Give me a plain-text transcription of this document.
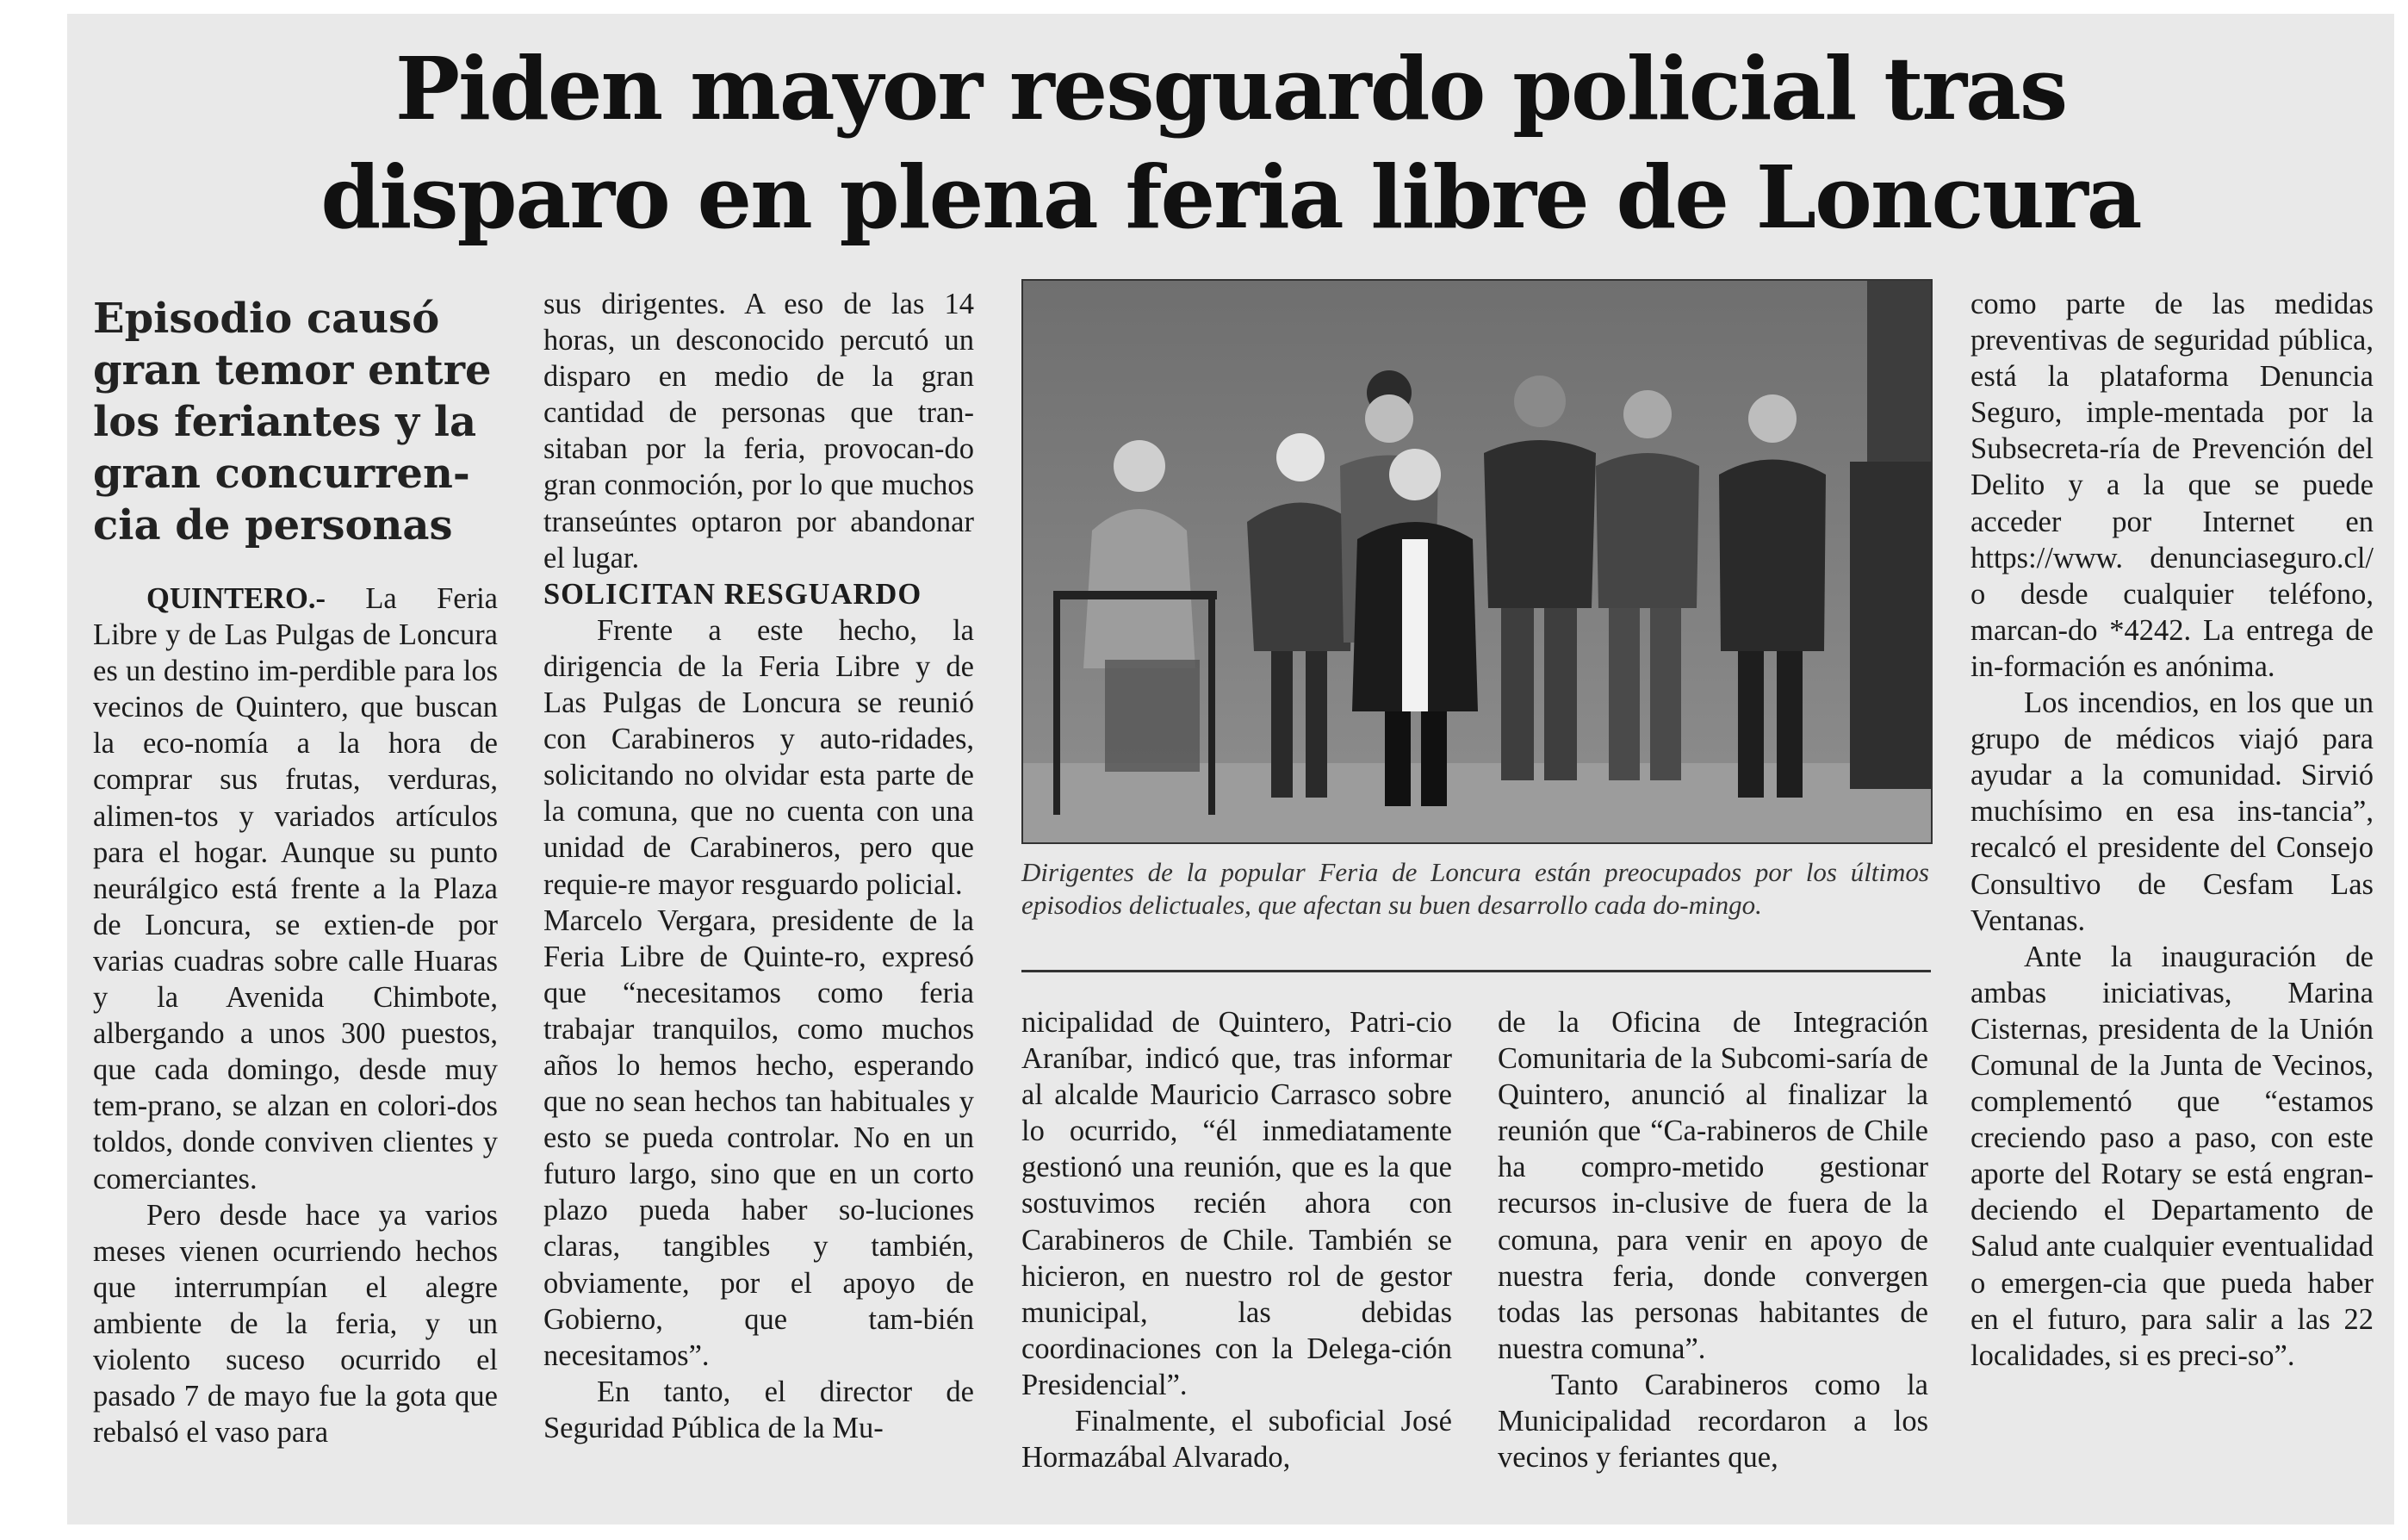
Piden mayor resguardo policial tras
disparo en plena feria libre de Loncura
Episodio causó gran temor entre los feriantes y la gran concurren-cia de personas

QUINTERO.- La Feria Libre y de Las Pulgas de Loncura es un destino im-perdible para los vecinos de Quintero, que buscan la eco-nomía a la hora de comprar sus frutas, verduras, alimen-tos y variados artículos para el hogar. Aunque su punto neurálgico está frente a la Plaza de Loncura, se extien-de por varias cuadras sobre calle Huaras y la Avenida Chimbote, albergando a unos 300 puestos, que cada domingo, desde muy tem-prano, se alzan en colori-dos toldos, donde conviven clientes y comerciantes.

Pero desde hace ya varios meses vienen ocurriendo hechos que interrumpían el alegre ambiente de la feria, y un violento suceso ocurrido el pasado 7 de mayo fue la gota que rebalsó el vaso para

sus dirigentes. A eso de las 14 horas, un desconocido percutó un disparo en medio de la gran cantidad de personas que tran-sitaban por la feria, provocan-do gran conmoción, por lo que muchos transeúntes optaron por abandonar el lugar.

SOLICITAN RESGUARDO

Frente a este hecho, la dirigencia de la Feria Libre y de Las Pulgas de Loncura se reunió con Carabineros y auto-ridades, solicitando no olvidar esta parte de la comuna, que no cuenta con una unidad de Carabineros, pero que requie-re mayor resguardo policial.

Marcelo Vergara, presidente de la Feria Libre de Quinte-ro, expresó que “necesitamos como feria trabajar tranquilos, como muchos años lo hemos hecho, esperando que no sean hechos tan habituales y esto se pueda controlar. No en un futuro largo, sino que en un corto plazo pueda haber so-luciones claras, tangibles y también, obviamente, por el apoyo de Gobierno, que tam-bién necesitamos”.

En tanto, el director de Seguridad Pública de la Mu-

Dirigentes de la popular Feria de Loncura están preocupados por los últimos episodios delictuales, que afectan su buen desarrollo cada do-mingo.

nicipalidad de Quintero, Patri-cio Araníbar, indicó que, tras informar al alcalde Mauricio Carrasco sobre lo ocurrido, “él inmediatamente gestionó una reunión, que es la que sostuvimos recién ahora con Carabineros de Chile. También se hicieron, en nuestro rol de gestor municipal, las debidas coordinaciones con la Delega-ción Presidencial”.

Finalmente, el suboficial José Hormazábal Alvarado,

de la Oficina de Integración Comunitaria de la Subcomi-saría de Quintero, anunció al finalizar la reunión que “Ca-rabineros de Chile ha compro-metido gestionar recursos in-clusive de fuera de la comuna, para venir en apoyo de nuestra feria, donde convergen todas las personas habitantes de nuestra comuna”.

Tanto Carabineros como la Municipalidad recordaron a los vecinos y feriantes que,

como parte de las medidas preventivas de seguridad pública, está la plataforma Denuncia Seguro, imple-mentada por la Subsecreta-ría de Prevención del Delito y a la que se puede acceder por Internet en https://www. denunciaseguro.cl/ o desde cualquier teléfono, marcan-do *4242. La entrega de in-formación es anónima.

Los incendios, en los que un grupo de médicos viajó para ayudar a la comunidad. Sirvió muchísimo en esa ins-tancia”, recalcó el presidente del Consejo Consultivo de Cesfam Las Ventanas.

Ante la inauguración de ambas iniciativas, Marina Cisternas, presidenta de la Unión Comunal de la Junta de Vecinos, complementó que “estamos creciendo paso a paso, con este aporte del Rotary se está engran-deciendo el Departamento de Salud ante cualquier eventualidad o emergen-cia que pueda haber en el futuro, para salir a las 22 localidades, si es preci-so”.
